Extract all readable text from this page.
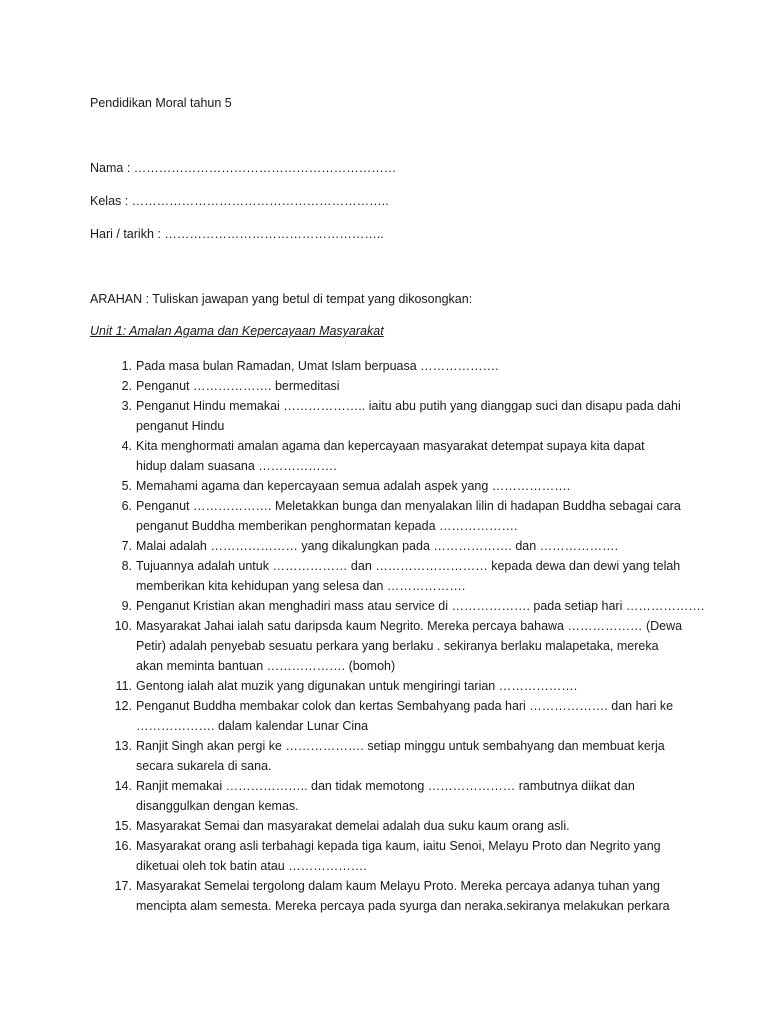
Pendidikan Moral tahun 5
Nama : ………………………………………………………
Kelas : ……………………………………………………..
Hari / tarikh : ……………………………………………..
ARAHAN : Tuliskan jawapan yang betul di tempat yang dikosongkan:
Unit 1: Amalan Agama dan Kepercayaan Masyarakat
1. Pada masa bulan Ramadan, Umat Islam berpuasa ……………….
2. Penganut ………………. bermeditasi
3. Penganut Hindu memakai ……………….. iaitu abu putih yang dianggap suci dan disapu pada dahi
penganut Hindu
4. Kita menghormati amalan agama dan kepercayaan masyarakat detempat supaya kita dapat
hidup dalam suasana ……………….
5. Memahami agama dan kepercayaan semua adalah aspek yang ……………….
6. Penganut ………………. Meletakkan bunga dan menyalakan lilin di hadapan Buddha sebagai cara
penganut Buddha memberikan penghormatan kepada ……………….
7. Malai adalah ………………… yang dikalungkan pada ………………. dan ……………….
8. Tujuannya adalah untuk ……………… dan ……………………… kepada dewa dan dewi yang telah
memberikan kita kehidupan yang selesa dan ……………….
9. Penganut Kristian akan menghadiri mass atau service di ………………. pada setiap hari ……………….
10. Masyarakat Jahai ialah satu daripsda kaum Negrito. Mereka percaya bahawa ……………… (Dewa
Petir) adalah penyebab sesuatu perkara yang berlaku . sekiranya berlaku malapetaka, mereka
akan meminta bantuan ………………. (bomoh)
11. Gentong ialah alat muzik yang digunakan untuk mengiringi tarian ……………….
12. Penganut Buddha membakar colok dan kertas Sembahyang pada hari ………………. dan hari ke
………………. dalam kalendar Lunar Cina
13. Ranjit Singh akan pergi ke ………………. setiap minggu untuk sembahyang dan membuat kerja
secara sukarela di sana.
14. Ranjit memakai ……………….. dan tidak memotong ………………… rambutnya diikat dan
disanggulkan dengan kemas.
15. Masyarakat Semai dan masyarakat demelai adalah dua suku kaum orang asli.
16. Masyarakat orang asli terbahagi kepada tiga kaum, iaitu Senoi, Melayu Proto dan Negrito yang
diketuai oleh tok batin atau ……………….
17. Masyarakat Semelai tergolong dalam kaum Melayu Proto. Mereka percaya adanya tuhan yang
mencipta alam semesta. Mereka percaya pada syurga dan neraka.sekiranya melakukan perkara
